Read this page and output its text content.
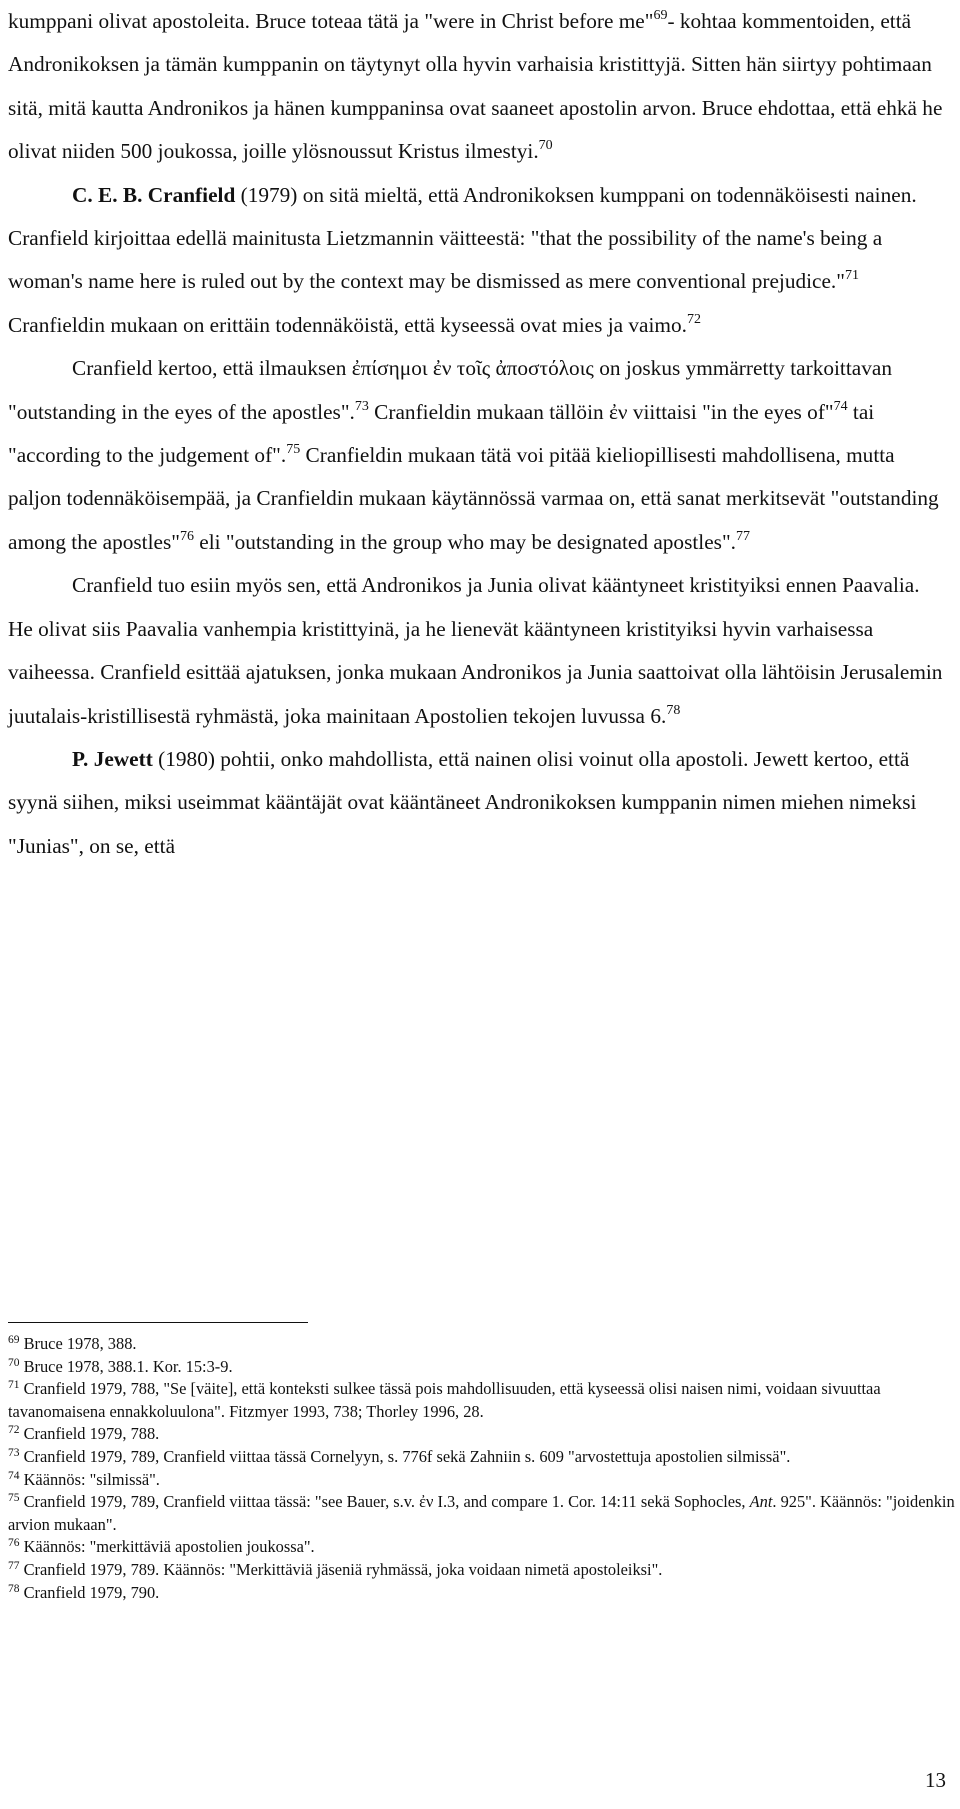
kumppani olivat apostoleita. Bruce toteaa tätä ja "were in Christ before me"$^{69}$- kohtaa kommentoiden, että Andronikoksen ja tämän kumppanin on täytynyt olla hyvin varhaisia kristittyjä. Sitten hän siirtyy pohtimaan sitä, mitä kautta Andronikos ja hänen kumppaninsa ovat saaneet apostolin arvon. Bruce ehdottaa, että ehkä he olivat niiden 500 joukossa, joille ylösnoussut Kristus ilmestyi.$^{70}$

C. E. B. Cranfield (1979) on sitä mieltä, että Andronikoksen kumppani on todennäköisesti nainen. Cranfield kirjoittaa edellä mainitusta Lietzmannin väitteestä: "that the possibility of the name's being a woman's name here is ruled out by the context may be dismissed as mere conventional prejudice."$^{71}$ Cranfieldin mukaan on erittäin todennäköistä, että kyseessä ovat mies ja vaimo.$^{72}$

Cranfield kertoo, että ilmauksen ἐπίσημοι ἐν τοῖς ἀποστόλοις on joskus ymmärretty tarkoittavan "outstanding in the eyes of the apostles".$^{73}$ Cranfieldin mukaan tällöin ἐν viittaisi "in the eyes of"$^{74}$ tai "according to the judgement of".$^{75}$ Cranfieldin mukaan tätä voi pitää kieliopillisesti mahdollisena, mutta paljon todennäköisempää, ja Cranfieldin mukaan käytännössä varmaa on, että sanat merkitsevät "outstanding among the apostles"$^{76}$ eli "outstanding in the group who may be designated apostles".$^{77}$

Cranfield tuo esiin myös sen, että Andronikos ja Junia olivat kääntyneet kristityiksi ennen Paavalia. He olivat siis Paavalia vanhempia kristittyinä, ja he lienevät kääntyneen kristityiksi hyvin varhaisessa vaiheessa. Cranfield esittää ajatuksen, jonka mukaan Andronikos ja Junia saattoivat olla lähtöisin Jerusalemin juutalais-kristillisestä ryhmästä, joka mainitaan Apostolien tekojen luvussa 6.78

P. Jewett (1980) pohtii, onko mahdollista, että nainen olisi voinut olla apostoli. Jewett kertoo, että syynä siihen, miksi useimmat kääntäjät ovat kääntäneet Andronikoksen kumppanin nimen miehen nimeksi "Junias", on se, että

$^{69}$ Bruce 1978, 388.

$^{70}$ Bruce 1978, 388.1. Kor. 15:3-9.

$^{71}$ Cranfield 1979, 788, "Se [väite], että konteksti sulkee tässä pois mahdollisuuden, että kyseessä olisi naisen nimi, voidaan sivuuttaa tavanomaisena ennakkoluulona". Fitzmyer 1993, 738; Thorley 1996, 28.

$^{72}$ Cranfield 1979, 788.

$^{73}$ Cranfield 1979, 789, Cranfield viittaa tässä Cornelyyn, s. 776f sekä Zahniin s. 609 "arvostettuja apostolien silmissä".

$^{74}$ Käännös: "silmissä".

$^{75}$ Cranfield 1979, 789, Cranfield viittaa tässä: "see Bauer, s.v. ἐν I.3, and compare 1. Cor. 14:11 sekä Sophocles, Ant. 925". Käännös: "joidenkin arvion mukaan".

$^{76}$ Käännös: "merkittäviä apostolien joukossa".

$^{77}$ Cranfield 1979, 789. Käännös: "Merkittäviä jäseniä ryhmässä, joka voidaan nimetä apostoleiksi".

$^{78}$ Cranfield 1979, 790.

13
